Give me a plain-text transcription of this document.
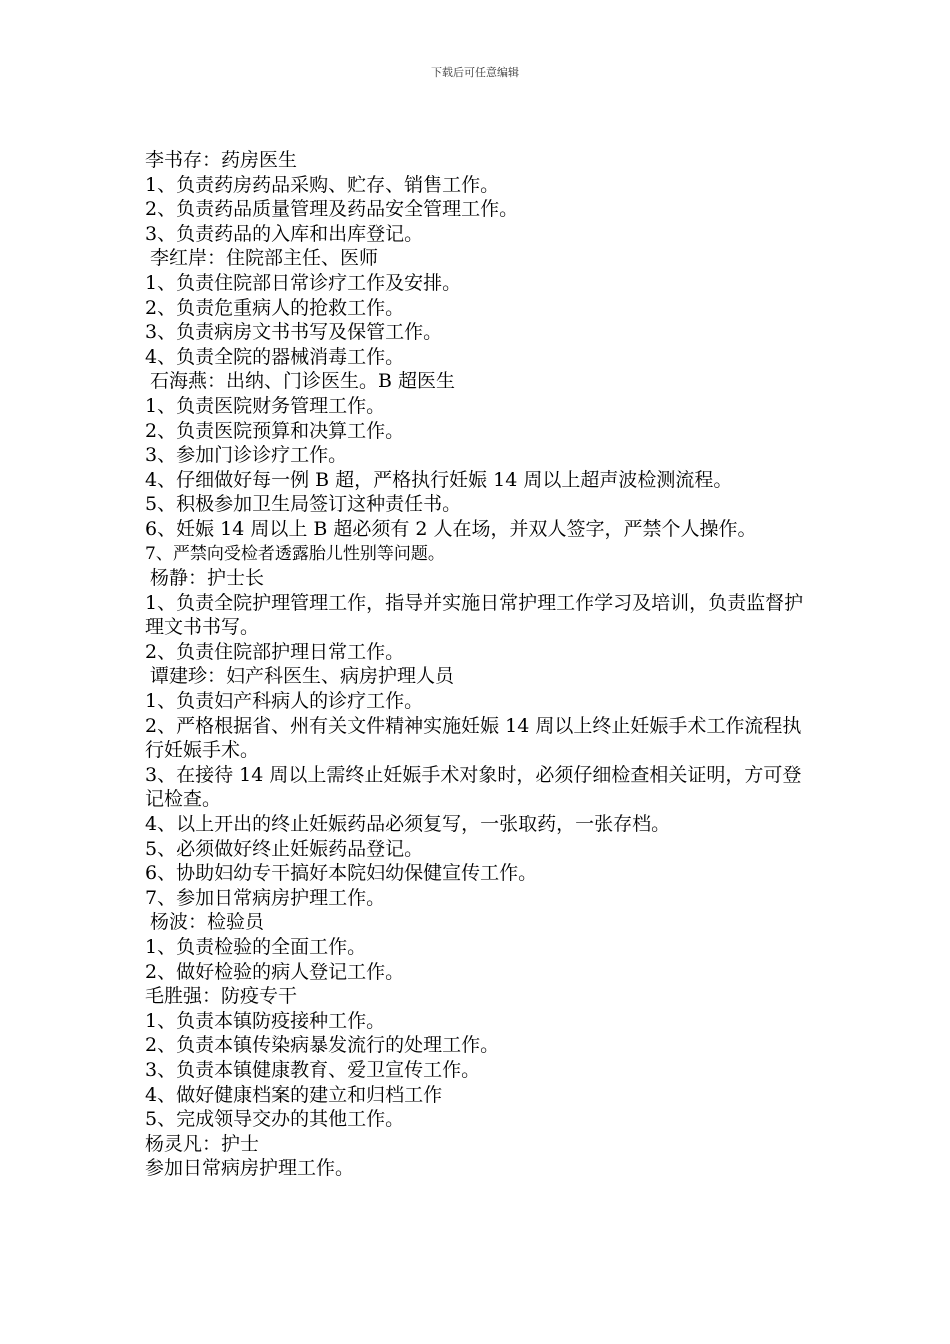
下载后可任意编辑

李书存：药房医生

1、负责药房药品采购、贮存、销售工作。

2、负责药品质量管理及药品安全管理工作。

3、负责药品的入库和出库登记。

李红岸：住院部主任、医师

1、负责住院部日常诊疗工作及安排。

2、负责危重病人的抢救工作。

3、负责病房文书书写及保管工作。

4、负责全院的器械消毒工作。

石海燕：出纳、门诊医生。B 超医生

1、负责医院财务管理工作。

2、负责医院预算和决算工作。

3、参加门诊诊疗工作。

4、仔细做好每一例 B 超，严格执行妊娠 14 周以上超声波检测流程。

5、积极参加卫生局签订这种责任书。

6、妊娠 14 周以上 B 超必须有 2 人在场，并双人签字，严禁个人操作。

7、严禁向受检者透露胎儿性别等问题。

杨静：护士长

1、负责全院护理管理工作，指导并实施日常护理工作学习及培训，负责监督护理文书书写。

2、负责住院部护理日常工作。

谭建珍：妇产科医生、病房护理人员

1、负责妇产科病人的诊疗工作。

2、严格根据省、州有关文件精神实施妊娠 14 周以上终止妊娠手术工作流程执行妊娠手术。

3、在接待 14 周以上需终止妊娠手术对象时，必须仔细检查相关证明，方可登记检查。

4、以上开出的终止妊娠药品必须复写，一张取药，一张存档。

5、必须做好终止妊娠药品登记。

6、协助妇幼专干搞好本院妇幼保健宣传工作。

7、参加日常病房护理工作。

杨波：检验员

1、负责检验的全面工作。

2、做好检验的病人登记工作。

毛胜强：防疫专干

1、负责本镇防疫接种工作。

2、负责本镇传染病暴发流行的处理工作。

3、负责本镇健康教育、爱卫宣传工作。

4、做好健康档案的建立和归档工作

5、完成领导交办的其他工作。

杨灵凡：护士

参加日常病房护理工作。
